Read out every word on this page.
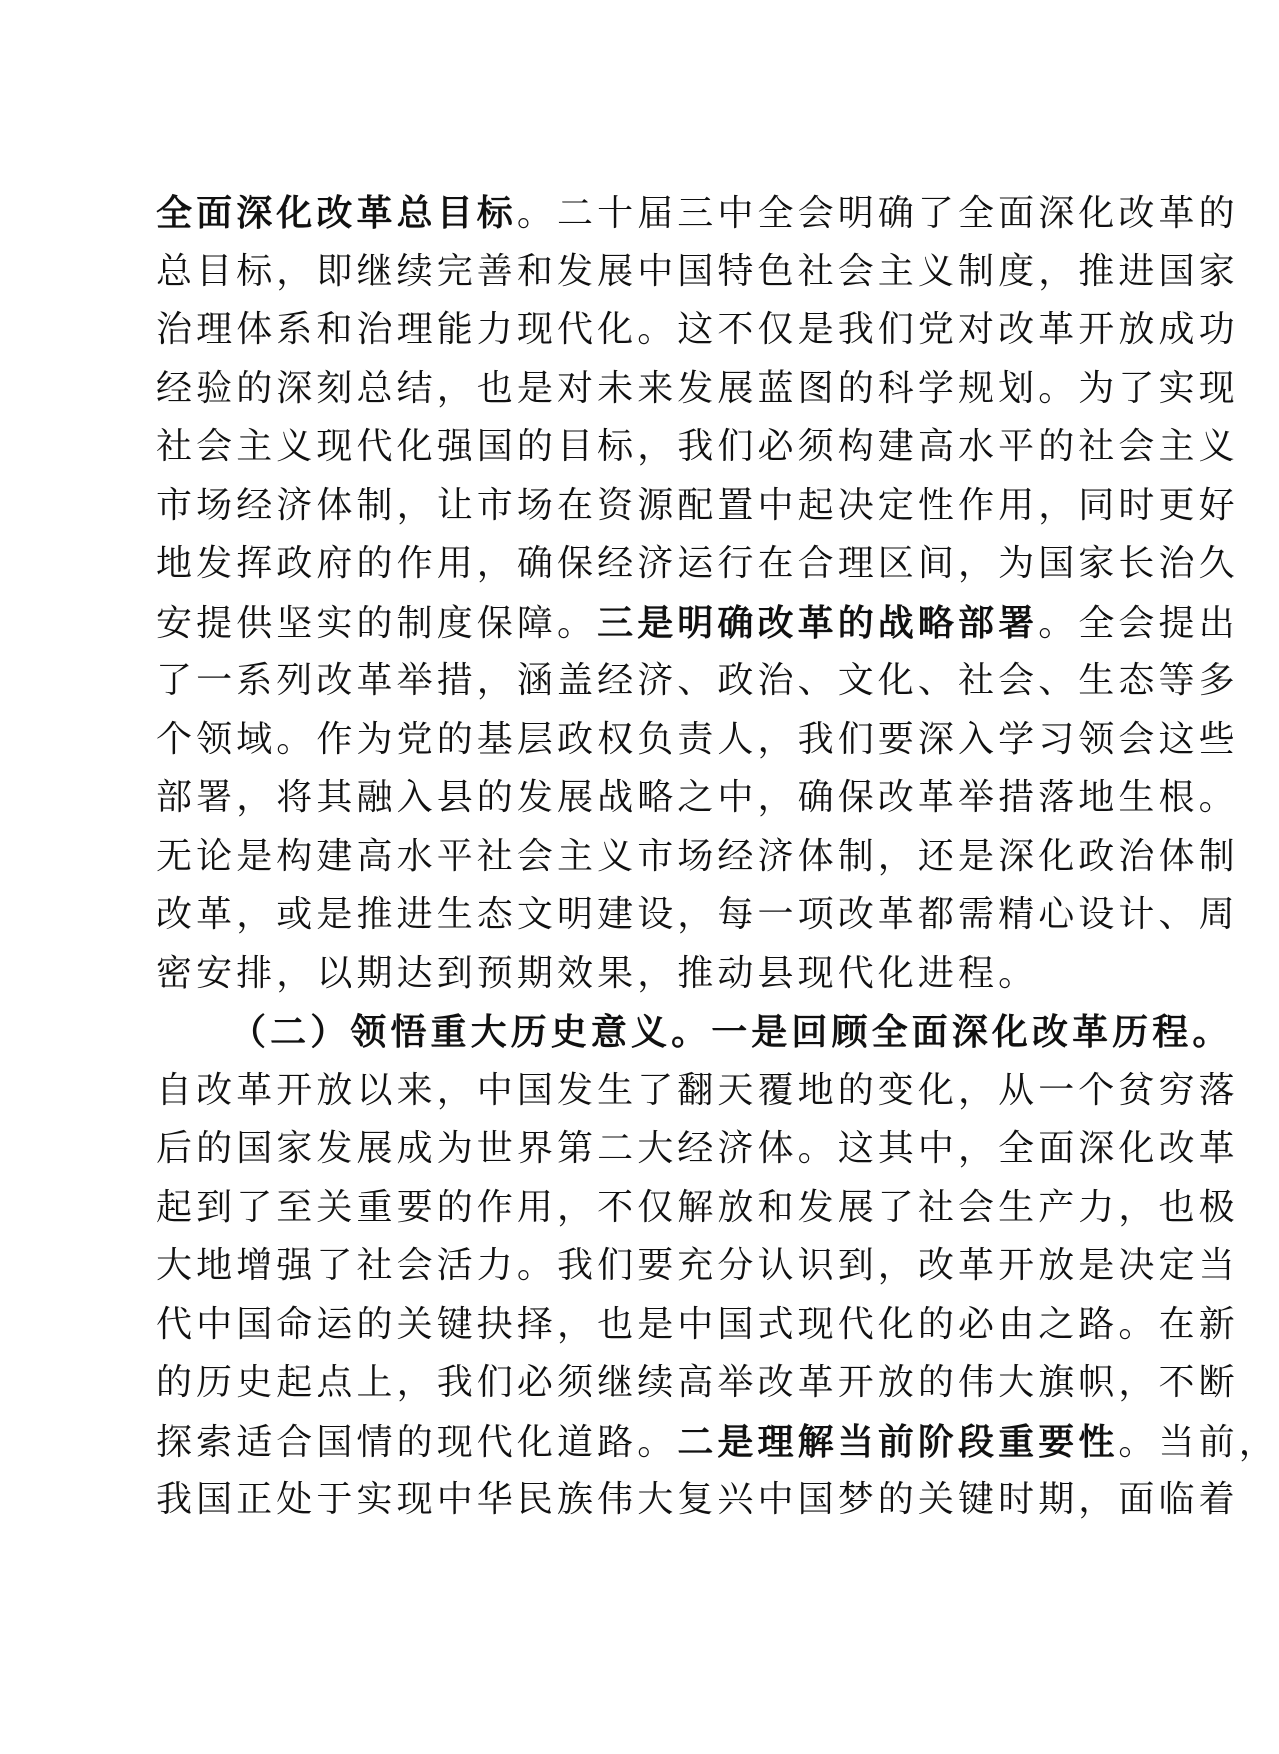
全面深化改革总目标。二十届三中全会明确了全面深化改革的
总目标，即继续完善和发展中国特色社会主义制度，推进国家
治理体系和治理能力现代化。这不仅是我们党对改革开放成功
经验的深刻总结，也是对未来发展蓝图的科学规划。为了实现
社会主义现代化强国的目标，我们必须构建高水平的社会主义
市场经济体制，让市场在资源配置中起决定性作用，同时更好
地发挥政府的作用，确保经济运行在合理区间，为国家长治久
安提供坚实的制度保障。三是明确改革的战略部署。全会提出
了一系列改革举措，涵盖经济、政治、文化、社会、生态等多
个领域。作为党的基层政权负责人，我们要深入学习领会这些
部署，将其融入县的发展战略之中，确保改革举措落地生根。
无论是构建高水平社会主义市场经济体制，还是深化政治体制
改革，或是推进生态文明建设，每一项改革都需精心设计、周
密安排，以期达到预期效果，推动县现代化进程。
（二）领悟重大历史意义。一是回顾全面深化改革历程。
自改革开放以来，中国发生了翻天覆地的变化，从一个贫穷落
后的国家发展成为世界第二大经济体。这其中，全面深化改革
起到了至关重要的作用，不仅解放和发展了社会生产力，也极
大地增强了社会活力。我们要充分认识到，改革开放是决定当
代中国命运的关键抉择，也是中国式现代化的必由之路。在新
的历史起点上，我们必须继续高举改革开放的伟大旗帜，不断
探索适合国情的现代化道路。二是理解当前阶段重要性。当前，
我国正处于实现中华民族伟大复兴中国梦的关键时期，面临着
